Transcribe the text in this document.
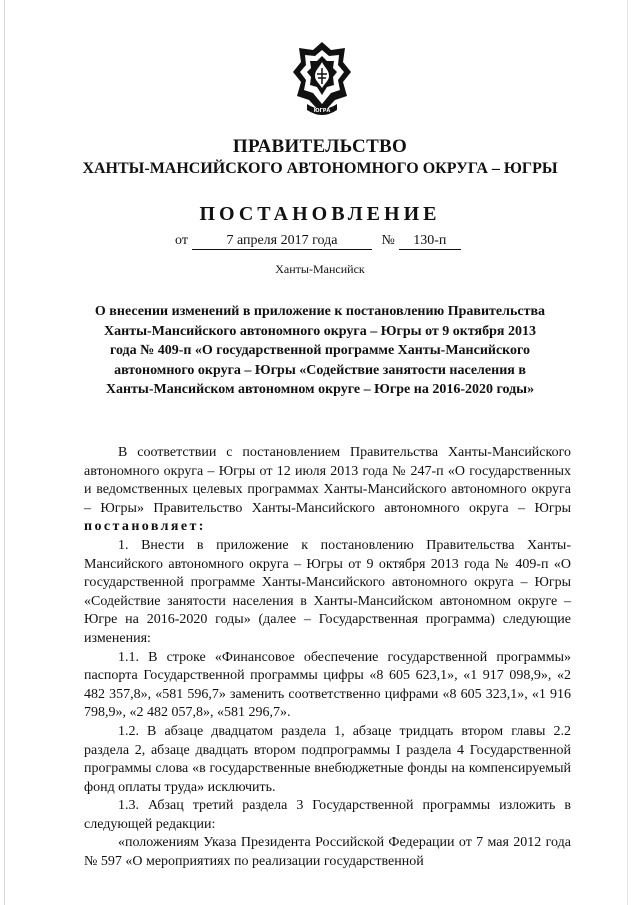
ЮГРА
ПРАВИТЕЛЬСТВО
ХАНТЫ-МАНСИЙСКОГО АВТОНОМНОГО ОКРУГА – ЮГРЫ
ПОСТАНОВЛЕНИЕ
от	7 апреля 2017 года	№ 130-п
Ханты-Мансийск
О внесении изменений в приложение к постановлению Правительства Ханты-Мансийского автономного округа – Югры от 9 октября 2013 года № 409-п «О государственной программе Ханты-Мансийского автономного округа – Югры «Содействие занятости населения в Ханты-Мансийском автономном округе – Югре на 2016-2020 годы»

В соответствии с постановлением Правительства Ханты-Мансийского автономного округа – Югры от 12 июля 2013 года № 247-п «О государственных и ведомственных целевых программах Ханты-Мансийского автономного округа – Югры» Правительство Ханты-Мансийского автономного округа – Югры постановляет:

1. Внести в приложение к постановлению Правительства Ханты-Мансийского автономного округа – Югры от 9 октября 2013 года № 409-п «О государственной программе Ханты-Мансийского автономного округа – Югры «Содействие занятости населения в Ханты-Мансийском автономном округе – Югре на 2016-2020 годы» (далее – Государственная программа) следующие изменения:

1.1. В строке «Финансовое обеспечение государственной программы» паспорта Государственной программы цифры «8 605 623,1», «1 917 098,9», «2 482 357,8», «581 596,7» заменить соответственно цифрами «8 605 323,1», «1 916 798,9», «2 482 057,8», «581 296,7».

1.2. В абзаце двадцатом раздела 1, абзаце тридцать втором главы 2.2 раздела 2, абзаце двадцать втором подпрограммы I раздела 4 Государственной программы слова «в государственные внебюджетные фонды на компенсируемый фонд оплаты труда» исключить.

1.3. Абзац третий раздела 3 Государственной программы изложить в следующей редакции:

«положениям Указа Президента Российской Федерации от 7 мая 2012 года № 597 «О мероприятиях по реализации государственной
